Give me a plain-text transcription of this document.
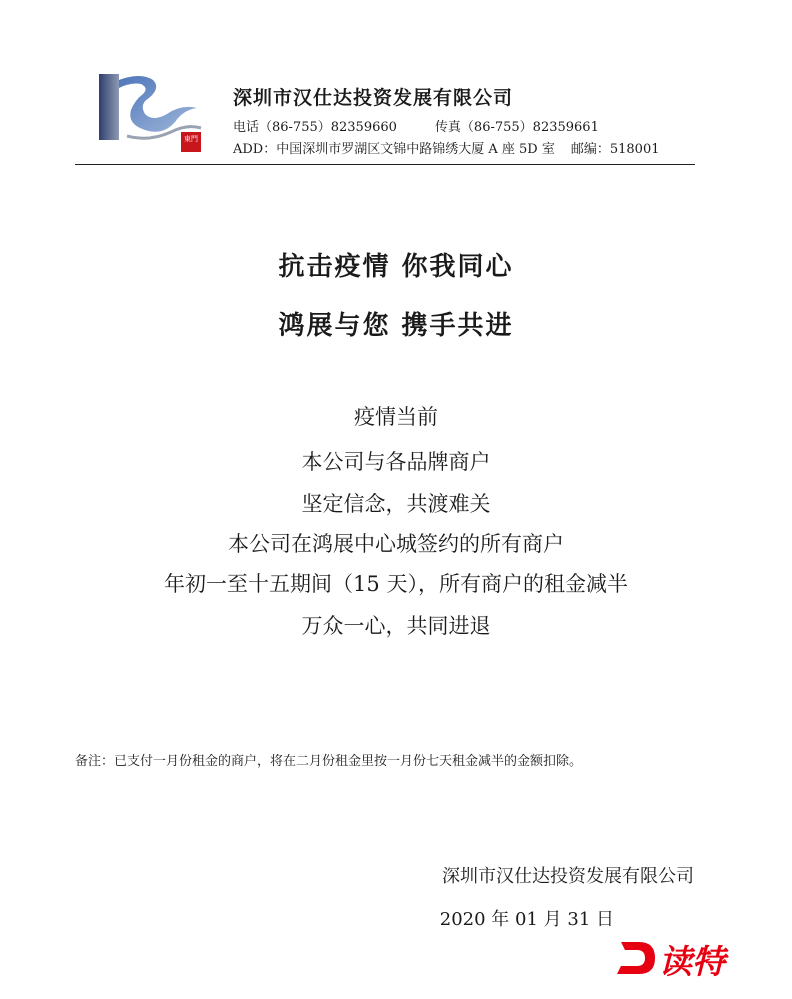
東門
深圳市汉仕达投资发展有限公司
电话（86-755）82359660	传真（86-755）82359661
ADD：中国深圳市罗湖区文锦中路锦绣大厦 A 座 5D 室 邮编：518001
抗击疫情 你我同心
鸿展与您 携手共进
疫情当前
本公司与各品牌商户
坚定信念，共渡难关
本公司在鸿展中心城签约的所有商户
年初一至十五期间（15 天），所有商户的租金减半
万众一心，共同进退
备注：已支付一月份租金的商户，将在二月份租金里按一月份七天租金减半的金额扣除。
深圳市汉仕达投资发展有限公司
2020 年 01 月 31 日
读特
